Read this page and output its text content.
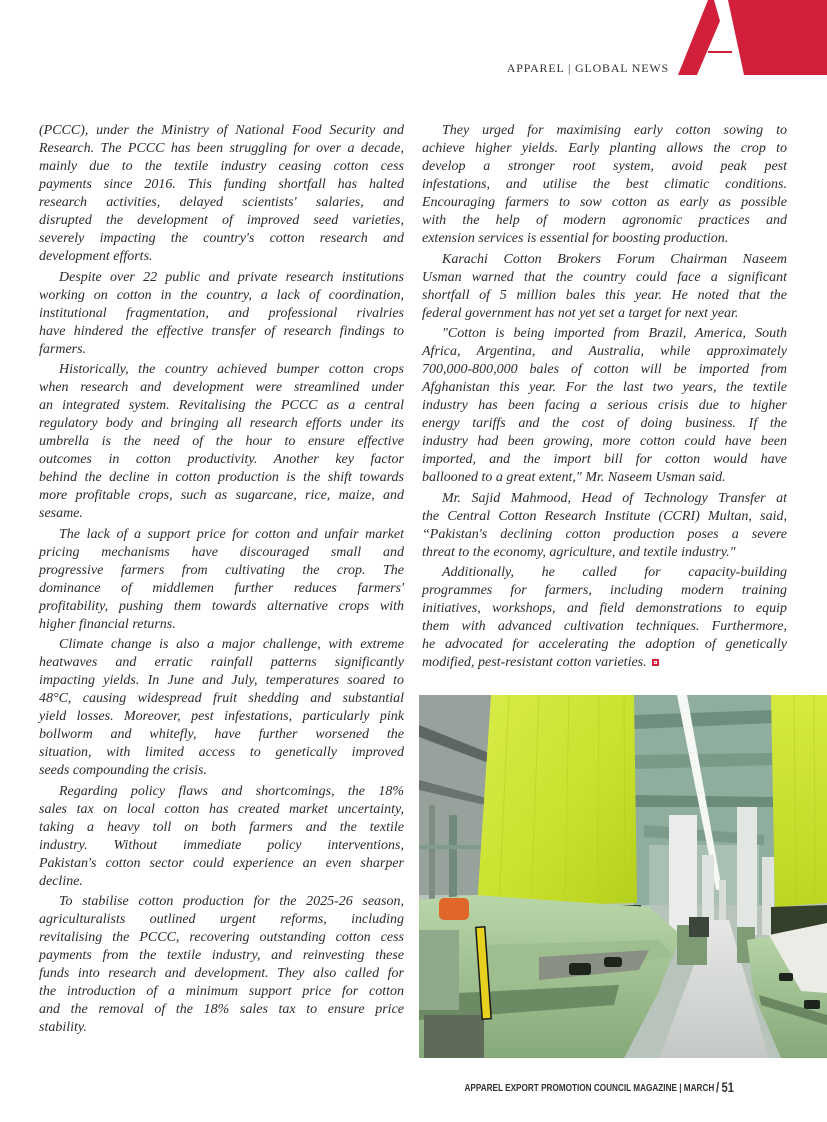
APPAREL | GLOBAL NEWS
(PCCC), under the Ministry of National Food Security and
Research. The PCCC has been struggling for over a decade,
mainly due to the textile industry ceasing cotton cess
payments since 2016. This funding shortfall has halted
research activities, delayed scientists' salaries, and
disrupted the development of improved seed varieties,
severely impacting the country's cotton research and
development efforts.
Despite over 22 public and private research institutions
working on cotton in the country, a lack of coordination,
institutional fragmentation, and professional rivalries
have hindered the effective transfer of research findings to
farmers.
Historically, the country achieved bumper cotton crops
when research and development were streamlined under
an integrated system. Revitalising the PCCC as a central
regulatory body and bringing all research efforts under its
umbrella is the need of the hour to ensure effective
outcomes in cotton productivity. Another key factor
behind the decline in cotton production is the shift towards
more profitable crops, such as sugarcane, rice, maize, and
sesame.
The lack of a support price for cotton and unfair market
pricing mechanisms have discouraged small and
progressive farmers from cultivating the crop. The
dominance of middlemen further reduces farmers'
profitability, pushing them towards alternative crops with
higher financial returns.
Climate change is also a major challenge, with extreme
heatwaves and erratic rainfall patterns significantly
impacting yields. In June and July, temperatures soared to
48°C, causing widespread fruit shedding and substantial
yield losses. Moreover, pest infestations, particularly pink
bollworm and whitefly, have further worsened the
situation, with limited access to genetically improved
seeds compounding the crisis.
Regarding policy flaws and shortcomings, the 18%
sales tax on local cotton has created market uncertainty,
taking a heavy toll on both farmers and the textile
industry. Without immediate policy interventions,
Pakistan's cotton sector could experience an even sharper
decline.
To stabilise cotton production for the 2025-26 season,
agriculturalists outlined urgent reforms, including
revitalising the PCCC, recovering outstanding cotton cess
payments from the textile industry, and reinvesting these
funds into research and development. They also called for
the introduction of a minimum support price for cotton
and the removal of the 18% sales tax to ensure price
stability.
They urged for maximising early cotton sowing to
achieve higher yields. Early planting allows the crop to
develop a stronger root system, avoid peak pest
infestations, and utilise the best climatic conditions.
Encouraging farmers to sow cotton as early as possible
with the help of modern agronomic practices and
extension services is essential for boosting production.
Karachi Cotton Brokers Forum Chairman Naseem
Usman warned that the country could face a significant
shortfall of 5 million bales this year. He noted that the
federal government has not yet set a target for next year.
"Cotton is being imported from Brazil, America, South
Africa, Argentina, and Australia, while approximately
700,000-800,000 bales of cotton will be imported from
Afghanistan this year. For the last two years, the textile
industry has been facing a serious crisis due to higher
energy tariffs and the cost of doing business. If the
industry had been growing, more cotton could have been
imported, and the import bill for cotton would have
ballooned to a great extent," Mr. Naseem Usman said.
Mr. Sajid Mahmood, Head of Technology Transfer at
the Central Cotton Research Institute (CCRI) Multan, said,
“Pakistan's declining cotton production poses a severe
threat to the economy, agriculture, and textile industry."
Additionally, he called for capacity-building
programmes for farmers, including modern training
initiatives, workshops, and field demonstrations to equip
them with advanced cultivation techniques. Furthermore,
he advocated for accelerating the adoption of genetically
modified, pest-resistant cotton varieties.
APPAREL EXPORT PROMOTION COUNCIL MAGAZINE | MARCH / 51
